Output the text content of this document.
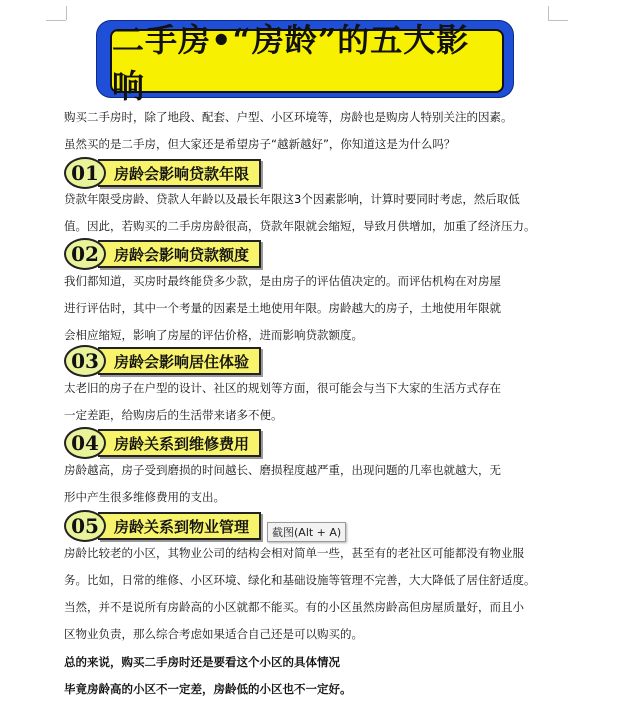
二手房•“房龄”的五大影响
购买二手房时，除了地段、配套、户型、小区环境等，房龄也是购房人特别关注的因素。
虽然买的是二手房，但大家还是希望房子“越新越好”，你知道这是为什么吗？
01	房龄会影响贷款年限
贷款年限受房龄、贷款人年龄以及最长年限这3个因素影响，计算时要同时考虑，然后取低
值。因此，若购买的二手房房龄很高，贷款年限就会缩短，导致月供增加，加重了经济压力。
02	房龄会影响贷款额度
我们都知道，买房时最终能贷多少款，是由房子的评估值决定的。而评估机构在对房屋
进行评估时，其中一个考量的因素是土地使用年限。房龄越大的房子，土地使用年限就
会相应缩短，影响了房屋的评估价格，进而影响贷款额度。
03	房龄会影响居住体验
太老旧的房子在户型的设计、社区的规划等方面，很可能会与当下大家的生活方式存在
一定差距，给购房后的生活带来诸多不便。
04	房龄关系到维修费用
房龄越高，房子受到磨损的时间越长、磨损程度越严重，出现问题的几率也就越大，无
形中产生很多维修费用的支出。
05	房龄关系到物业管理	截图(Alt + A)
房龄比较老的小区，其物业公司的结构会相对简单一些，甚至有的老社区可能都没有物业服
务。比如，日常的维修、小区环境、绿化和基础设施等管理不完善，大大降低了居住舒适度。
当然，并不是说所有房龄高的小区就都不能买。有的小区虽然房龄高但房屋质量好，而且小
区物业负责，那么综合考虑如果适合自己还是可以购买的。
总的来说，购买二手房时还是要看这个小区的具体情况
毕竟房龄高的小区不一定差，房龄低的小区也不一定好。
